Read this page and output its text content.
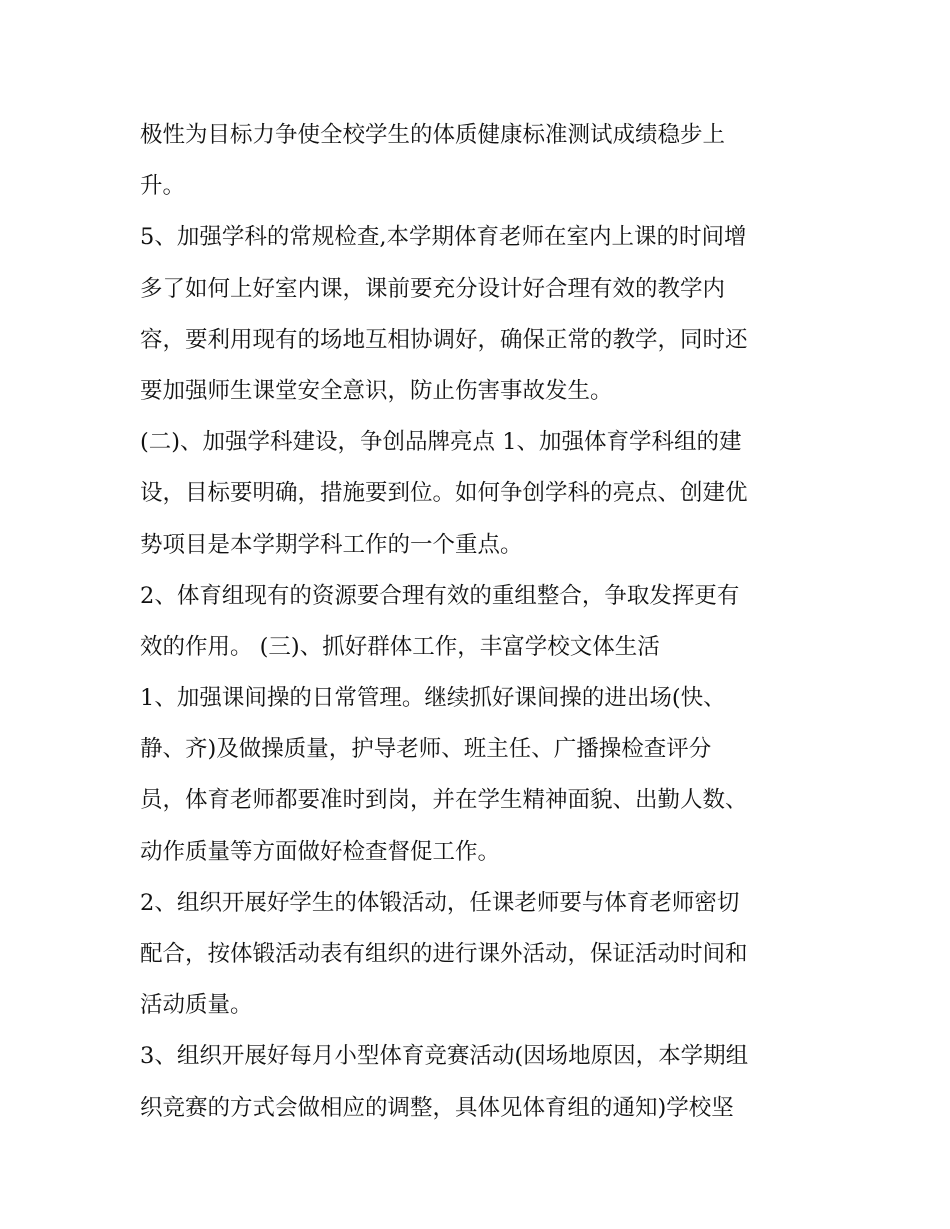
极性为目标力争使全校学生的体质健康标准测试成绩稳步上
升。
5、加强学科的常规检查,本学期体育老师在室内上课的时间增
多了如何上好室内课，课前要充分设计好合理有效的教学内
容，要利用现有的场地互相协调好，确保正常的教学，同时还
要加强师生课堂安全意识，防止伤害事故发生。
(二)、加强学科建设，争创品牌亮点 1、加强体育学科组的建
设，目标要明确，措施要到位。如何争创学科的亮点、创建优
势项目是本学期学科工作的一个重点。
2、体育组现有的资源要合理有效的重组整合，争取发挥更有
效的作用。 (三)、抓好群体工作，丰富学校文体生活
1、加强课间操的日常管理。继续抓好课间操的进出场(快、
静、齐)及做操质量，护导老师、班主任、广播操检查评分
员，体育老师都要准时到岗，并在学生精神面貌、出勤人数、
动作质量等方面做好检查督促工作。
2、组织开展好学生的体锻活动，任课老师要与体育老师密切
配合，按体锻活动表有组织的进行课外活动，保证活动时间和
活动质量。
3、组织开展好每月小型体育竞赛活动(因场地原因，本学期组
织竞赛的方式会做相应的调整，具体见体育组的通知)学校坚
